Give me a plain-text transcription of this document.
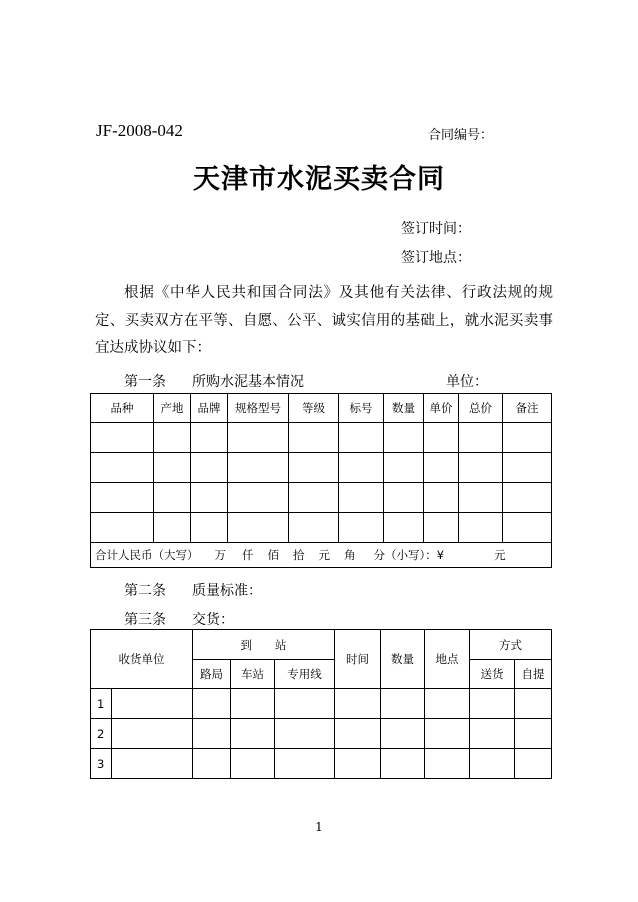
JF-2008-042	合同编号：
天津市水泥买卖合同
签订时间：
签订地点：
根据《中华人民共和国合同法》及其他有关法律、行政法规的规定、买卖双方在平等、自愿、公平、诚实信用的基础上，就水泥买卖事宜达成协议如下：
第一条 所购水泥基本情况	单位：
品种	产地	品牌	规格型号	等级	标号	数量	单价	总价	备注

合计人民币（大写） 万 仟 佰 拾 元 角 分（小写）：¥ 元									
第二条 质量标准：
第三条 交货：
收货单位		到　　站			时间	数量	地点	方式	
		路局	车站	专用线				送货	自提
1									
2									
3									
1
